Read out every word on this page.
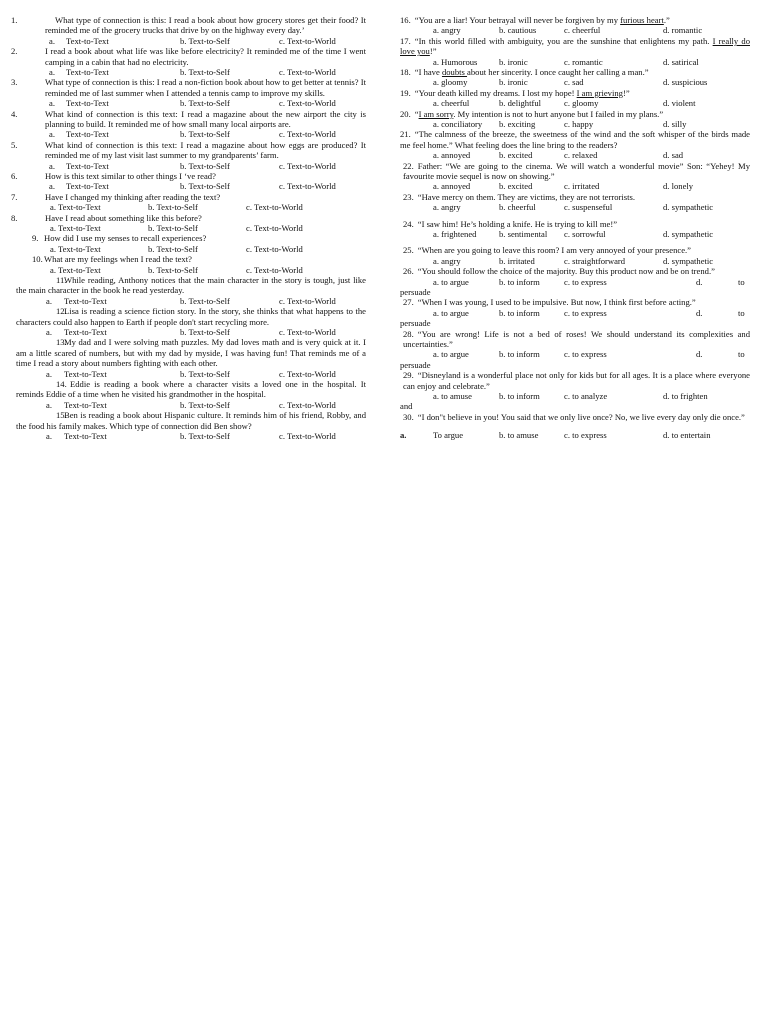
1.	What type of connection is this: I read a book about how grocery stores get their food? It reminded me of the grocery trucks that drive by on the highway every day.’
a. Text-to-Text	b. Text-to-Self	c. Text-to-World
2.	I read a book about what life was like before electricity? It reminded me of the time I went camping in a cabin that had no electricity.
a. Text-to-Text	b. Text-to-Self	c. Text-to-World
3.	What type of connection is this: I read a non-fiction book about how to get better at tennis? It reminded me of last summer when I attended a tennis camp to improve my skills.
a. Text-to-Text	b. Text-to-Self	c. Text-to-World
4.	What kind of connection is this text: I read a magazine about the new airport the city is planning to build. It reminded me of how small many local airports are.
a. Text-to-Text	b. Text-to-Self	c. Text-to-World
5.	What kind of connection is this text: I read a magazine about how eggs are produced? It reminded me of my last visit last summer to my grandparents’ farm.
a. Text-to-Text	b. Text-to-Self	c. Text-to-World
6.	How is this text similar to other things I ‘ve read?
a. Text-to-Text	b. Text-to-Self	c. Text-to-World
7.	Have I changed my thinking after reading the text?
a. Text-to-Text	b. Text-to-Self	c. Text-to-World
8.	Have I read about something like this before?
a. Text-to-Text	b. Text-to-Self	c. Text-to-World
9. How did I use my senses to recall experiences?
a. Text-to-Text	b. Text-to-Self	c. Text-to-World
10.What are my feelings when I read the text?
a. Text-to-Text	b. Text-to-Self	c. Text-to-World
11.While reading, Anthony notices that the main character in the story is tough, just like the main character in the book he read yesterday.
a. Text-to-Text	b. Text-to-Self	c. Text-to-World
12.Lisa is reading a science fiction story. In the story, she thinks that what happens to the characters could also happen to Earth if people don't start recycling more.
a. Text-to-Text	b. Text-to-Self	c. Text-to-World
13.My dad and I were solving math puzzles. My dad loves math and is very quick at it. I am a little scared of numbers, but with my dad by myside, I was having fun! That reminds me of a time I read a story about numbers fighting with each other.
a. Text-to-Text	b. Text-to-Self	c. Text-to-World
14. Eddie is reading a book where a character visits a loved one in the hospital. It reminds Eddie of a time when he visited his grandmother in the hospital.
a. Text-to-Text	b. Text-to-Self	c. Text-to-World
15.Ben is reading a book about Hispanic culture. It reminds him of his friend, Robby, and the food his family makes. Which type of connection did Ben show?
a. Text-to-Text	b. Text-to-Self	c. Text-to-World
16. “You are a liar! Your betrayal will never be forgiven by my furious heart.”
a. angry	b. cautious	c. cheerful	d. romantic
17. “In this world filled with ambiguity, you are the sunshine that enlightens my path. I really do love you!”
a. Humorous	b. ironic	c. romantic	d. satirical
18. “I have doubts about her sincerity. I once caught her calling a man.”
a. gloomy	b. ironic	c. sad	d. suspicious
19. “Your death killed my dreams. I lost my hope! I am grieving!”
a. cheerful	b. delightful	c. gloomy	d. violent
20. “I am sorry. My intention is not to hurt anyone but I failed in my plans.”
a. conciliatory b. exciting	c. happy	d. silly
21. “The calmness of the breeze, the sweetness of the wind and the soft whisper of the birds made me feel home.” What feeling does the line bring to the readers?
a. annoyed	b. excited	c. relaxed	d. sad
22. Father: “We are going to the cinema. We will watch a wonderful movie” Son: “Yehey! My favourite movie sequel is now on showing.”
a. annoyed	b. excited	c. irritated	d. lonely
23. “Have mercy on them. They are victims, they are not terrorists.
a. angry	b. cheerful	c. suspenseful	d. sympathetic
24. “I saw him! He’s holding a knife. He is trying to kill me!”
a. frightened	b. sentimental c. sorrowful	d. sympathetic
25. “When are you going to leave this room? I am very annoyed of your presence.”
a. angry	b. irritated	c. straightforward	d. sympathetic
26. “You should follow the choice of the majority. Buy this product now and be on trend.”
a. to argue	b. to inform	c. to express	d.	to
persuade
27. “When I was young, I used to be impulsive. But now, I think first before acting.”
a. to argue	b. to inform	c. to express	d.	to
persuade
28. “You are wrong! Life is not a bed of roses! We should understand its complexities and uncertainties.”
a. to argue	b. to inform	c. to express	d.	to
persuade
29. “Disneyland is a wonderful place not only for kids but for all ages. It is a place where everyone can enjoy and celebrate.”
a. to amuse	b. to inform	c. to analyze	d. to frighten
and
30. “I don"t believe in you! You said that we only live once? No, we live every day only die once.”
a.	To argue	b. to amuse	c. to express	d. to entertain
